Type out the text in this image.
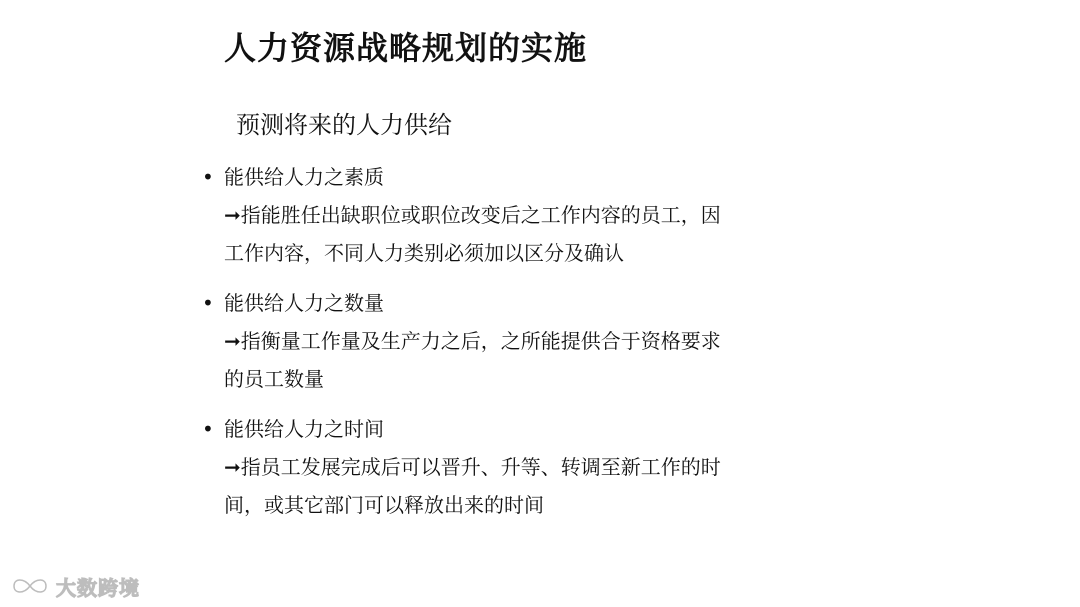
人力资源战略规划的实施
预测将来的人力供给
• 能供给人力之素质
➞指能胜任出缺职位或职位改变后之工作内容的员工，因工作内容，不同人力类别必须加以区分及确认
• 能供给人力之数量
➞指衡量工作量及生产力之后，之所能提供合于资格要求的员工数量
• 能供给人力之时间
➞指员工发展完成后可以晋升、升等、转调至新工作的时间，或其它部门可以释放出来的时间
大数跨境
